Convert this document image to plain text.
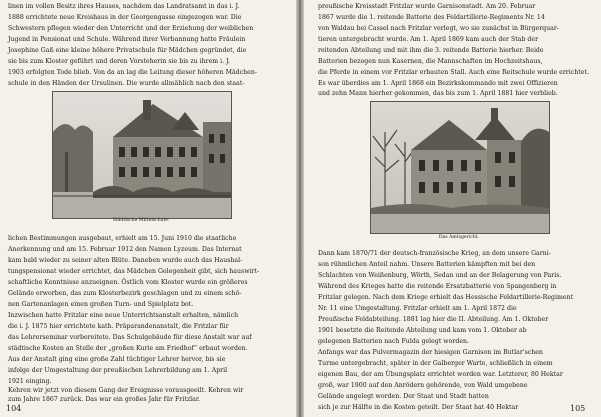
linen im vollen Besitz ihres Hauses, nachdem das Landratsamt in das i. J.
1888 errichtete neue Kreishaus in der Georgengasse eingezogen war. Die
Schwestern pflegen wieder den Unterricht und der Erziehung der weiblichen
Jugend in Pensionat und Schule. Während ihrer Verbannung hatte Fräulein
Josephine Gaß eine kleine höhere Privatschule für Mädchen gegründet, die
sie bis zum Kloster geführt und deren Vorsteherin sie bis zu ihrem i. J.
1903 erfolgten Tode blieb. Von da an lag die Leitung dieser höheren Mädchen-
schule in den Händen der Ursulinen. Die wurde allmählich nach den staat-
Städtische Mittelschule.
lichen Bestimmungen ausgebaut, erhielt am 15. Juni 1910 die staatliche
Anerkennung und am 15. Februar 1912 den Namen Lyzeum. Das Internat
kam bald wieder zu seiner alten Blüte. Daneben wurde auch das Haushal-
tungspensionat wieder errichtet, das Mädchen Gelegenheit gibt, sich hauswirt-
schaftliche Kenntnisse anzueignen. Östlich vom Kloster wurde ein größeres
Gelände erworben, das zum Klosterbezirk geschlagen und zu einem schö-
nen Gartenanlagen einen großen Turn- und Spielplatz bot.
Inzwischen hatte Fritzlar eine neue Unterrichtsanstalt erhalten, nämlich
die i. J. 1875 hier errichtete kath. Präparandenanstalt, die Fritzlar für
das Lehrerseminar vorbereitete. Das Schulgebäude für diese Anstalt war auf
städtische Kosten an Stelle der „großen Kurie am Friedhof“ erbaut worden.
Aus der Anstalt ging eine große Zahl tüchtiger Lehrer hervor, bis sie
infolge der Umgestaltung der preußischen Lehrerbildung am 1. April
1921 einging.
Kehren wir jetzt von diesem Gang der Ereignisse vorausgeeilt. Kehren wir
zum Jahre 1867 zurück. Das war ein großes Jahr für Fritzlar.
104
preußische Kreisstadt Fritzlar wurde Garnisonstadt. Am 20. Februar
1867 wurde die 1. reitende Batterie des Feldartillerie-Regiments Nr. 14
von Waldau bei Cassel nach Fritzlar verlegt, wo sie zunächst in Bürgerquar-
tieren untergebracht wurde. Am 1. April 1869 kam auch der Stab der
reitenden Abteilung und mit ihm die 3. reitende Batterie hierher. Beide
Batterien bezogen nun Kasernen, die Mannschaften im Hochzeitshaus,
die Pferde in einem vor Fritzlar erbauten Stall. Auch eine Reitschule wurde errichtet.
Es war überdies am 1. April 1868 ein Bezirkskommando mit zwei Offizieren
und zehn Mann hierher gekommen, das bis zum 1. April 1881 hier verblieb.
Das Amtsgericht.
Dann kam 1870/71 der deutsch-französische Krieg, an dem unsere Garni-
son rühmlichen Anteil nahm. Unsere Batterien kämpften mit bei den
Schlachten von Weißenburg, Wörth, Sedan und an der Belagerung von Paris.
Während des Krieges hatte die reitende Ersatzbatterie von Spangenberg in
Fritzlar gelegen. Nach dem Kriege erhielt das Hessische Feldartillerie-Regiment
Nr. 11 eine Umgestaltung. Fritzlar erhielt am 1. April 1872 die
Preußische Feldabteilung. 1881 lag hier die II. Abteilung. Am 1. Oktober
1901 besetzte die Reitende Abteilung und kam vom 1. Oktober ab
gelegenen Batterien nach Fulda gelegt worden.
Anfangs war das Pulvermagazin der hiesigen Garnison im Butlar'schen
Turme untergebracht, später in der Galberger Warte, schließlich in einem
eigenen Bau, der am Übungsplatz errichtet worden war. Letzterer, 80 Hektar
groß, war 1900 auf den Anrödern gehörende, von Wald umgebene
Gelände angelegt worden. Der Staat und Stadt hatten
sich je zur Hälfte in die Kosten geteilt. Der Staat hat 40 Hektar	105
